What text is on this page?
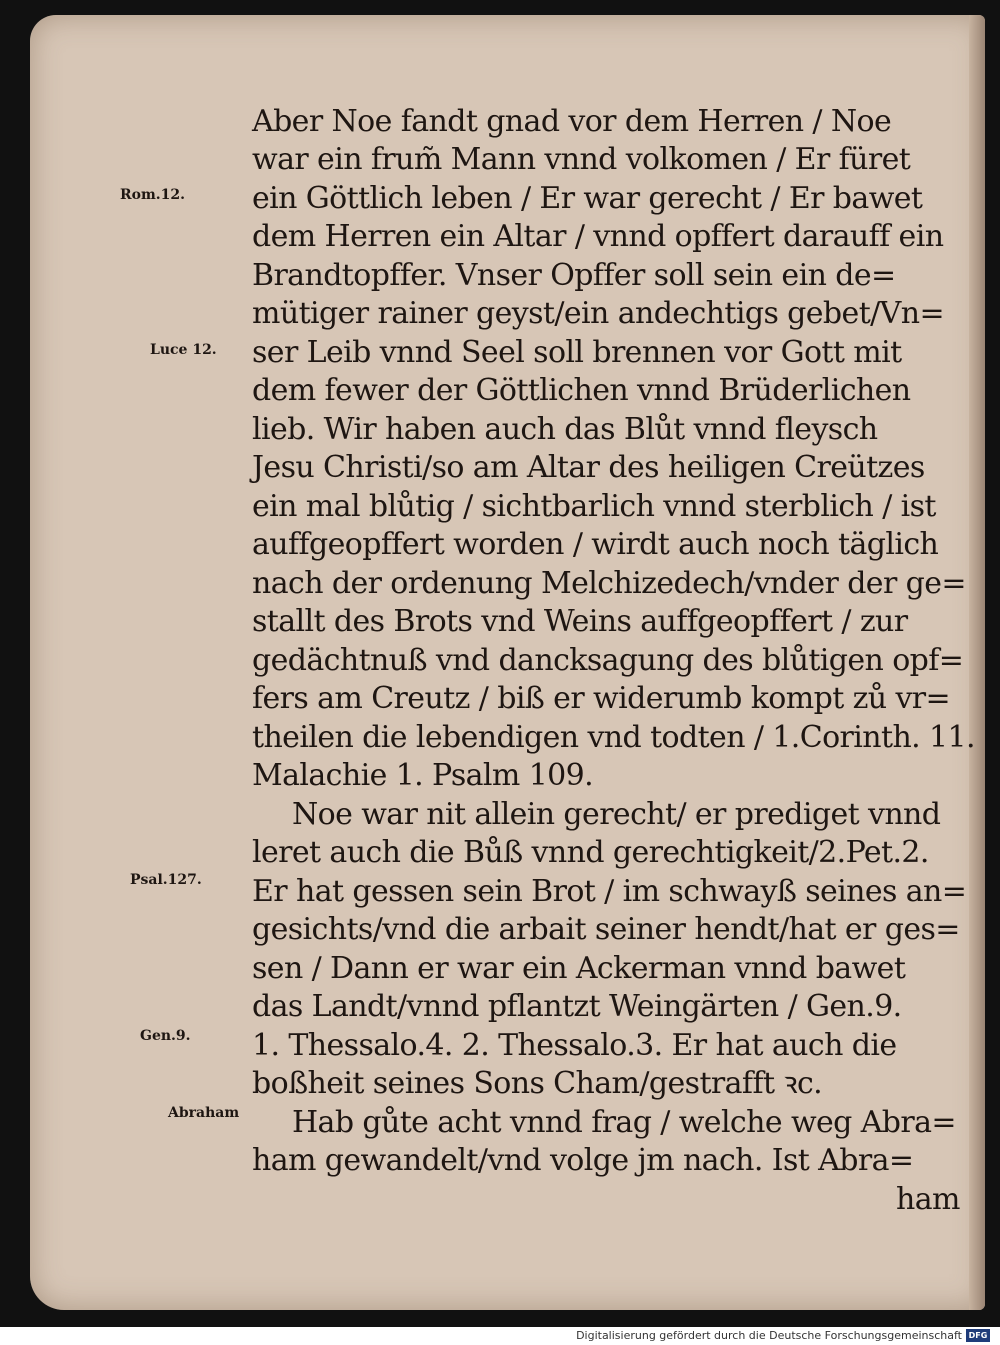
Rom.12.
Luce 12.
Psal.127.
Gen.9.
Abraham
Aber Noe fandt gnad vor dem Herren / Noe
war ein frum̃ Mann vnnd volkomen / Er füret
ein Göttlich leben / Er war gerecht / Er bawet
dem Herren ein Altar / vnnd opffert darauff ein
Brandtopffer. Vnser Opffer soll sein ein de=
mütiger rainer geyst/ein andechtigs gebet/Vn=
ser Leib vnnd Seel soll brennen vor Gott mit
dem fewer der Göttlichen vnnd Brüderlichen
lieb. Wir haben auch das Blůt vnnd fleysch
Jesu Christi/so am Altar des heiligen Creützes
ein mal blůtig / sichtbarlich vnnd sterblich / ist
auffgeopffert worden / wirdt auch noch täglich
nach der ordenung Melchizedech/vnder der ge=
stallt des Brots vnd Weins auffgeopffert / zur
gedächtnuß vnd dancksagung des blůtigen opf=
fers am Creutz / biß er widerumb kompt zů vr=
theilen die lebendigen vnd todten / 1.Corinth. 11.
Malachie 1. Psalm 109.
Noe war nit allein gerecht/ er prediget vnnd
leret auch die Bůß vnnd gerechtigkeit/2.Pet.2.
Er hat gessen sein Brot / im schwayß seines an=
gesichts/vnd die arbait seiner hendt/hat er ges=
sen / Dann er war ein Ackerman vnnd bawet
das Landt/vnnd pflantzt Weingärten / Gen.9.
1. Thessalo.4. 2. Thessalo.3. Er hat auch die
boßheit seines Sons Cham/gestrafft ꝛc.
Hab gůte acht vnnd frag / welche weg Abra=
ham gewandelt/vnd volge jm nach. Ist Abra=
ham
Digitalisierung gefördert durch die Deutsche Forschungsgemeinschaft DFG
